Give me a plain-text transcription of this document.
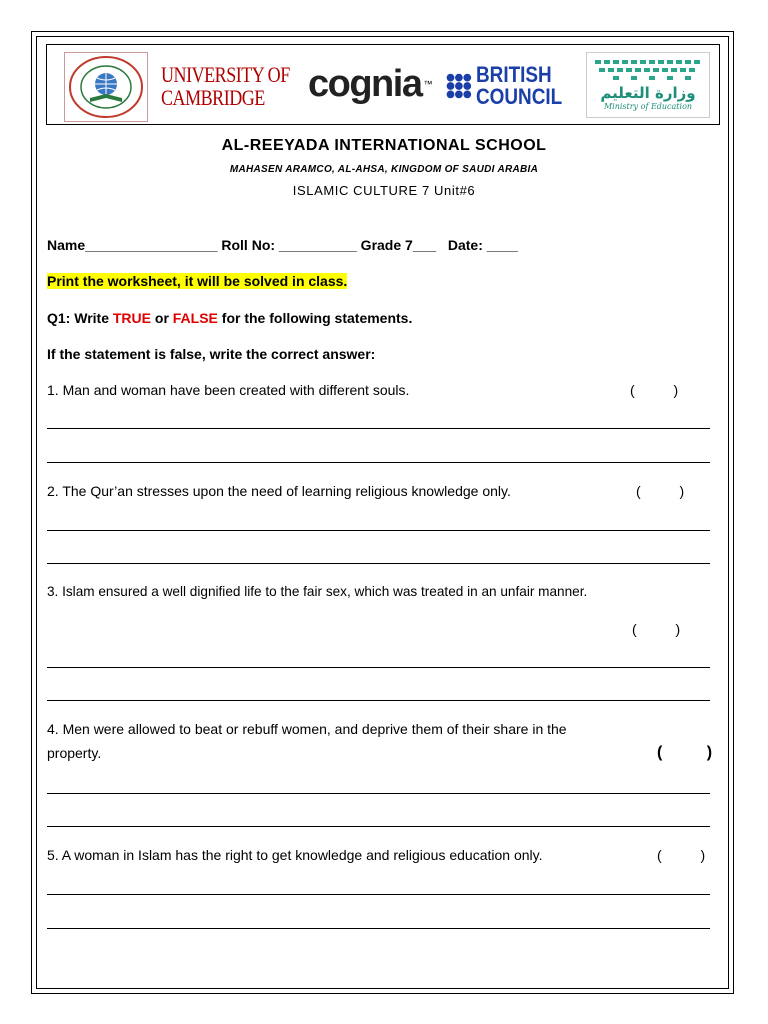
UNIVERSITY OF
CAMBRIDGE	cognia ™ BRITISH
COUNCIL	وزارة التعليم
Ministry of Education
AL-REEYADA INTERNATIONAL SCHOOL
MAHASEN ARAMCO, AL-AHSA, KINGDOM OF SAUDI ARABIA
ISLAMIC CULTURE 7 Unit#6
Name_________________ Roll No: __________ Grade 7___   Date: ____
Print the worksheet, it will be solved in class.
Q1: Write TRUE or FALSE for the following statements.
If the statement is false, write the correct answer:
1. Man and woman have been created with different souls.	(          )
2. The Qur’an stresses upon the need of learning religious knowledge only.	(          )
3. Islam ensured a well dignified life to the fair sex, which was treated in an unfair manner.
(          )
4. Men were allowed to beat or rebuff women, and deprive them of their share in the
property.	(          )
5. A woman in Islam has the right to get knowledge and religious education only.	(          )
